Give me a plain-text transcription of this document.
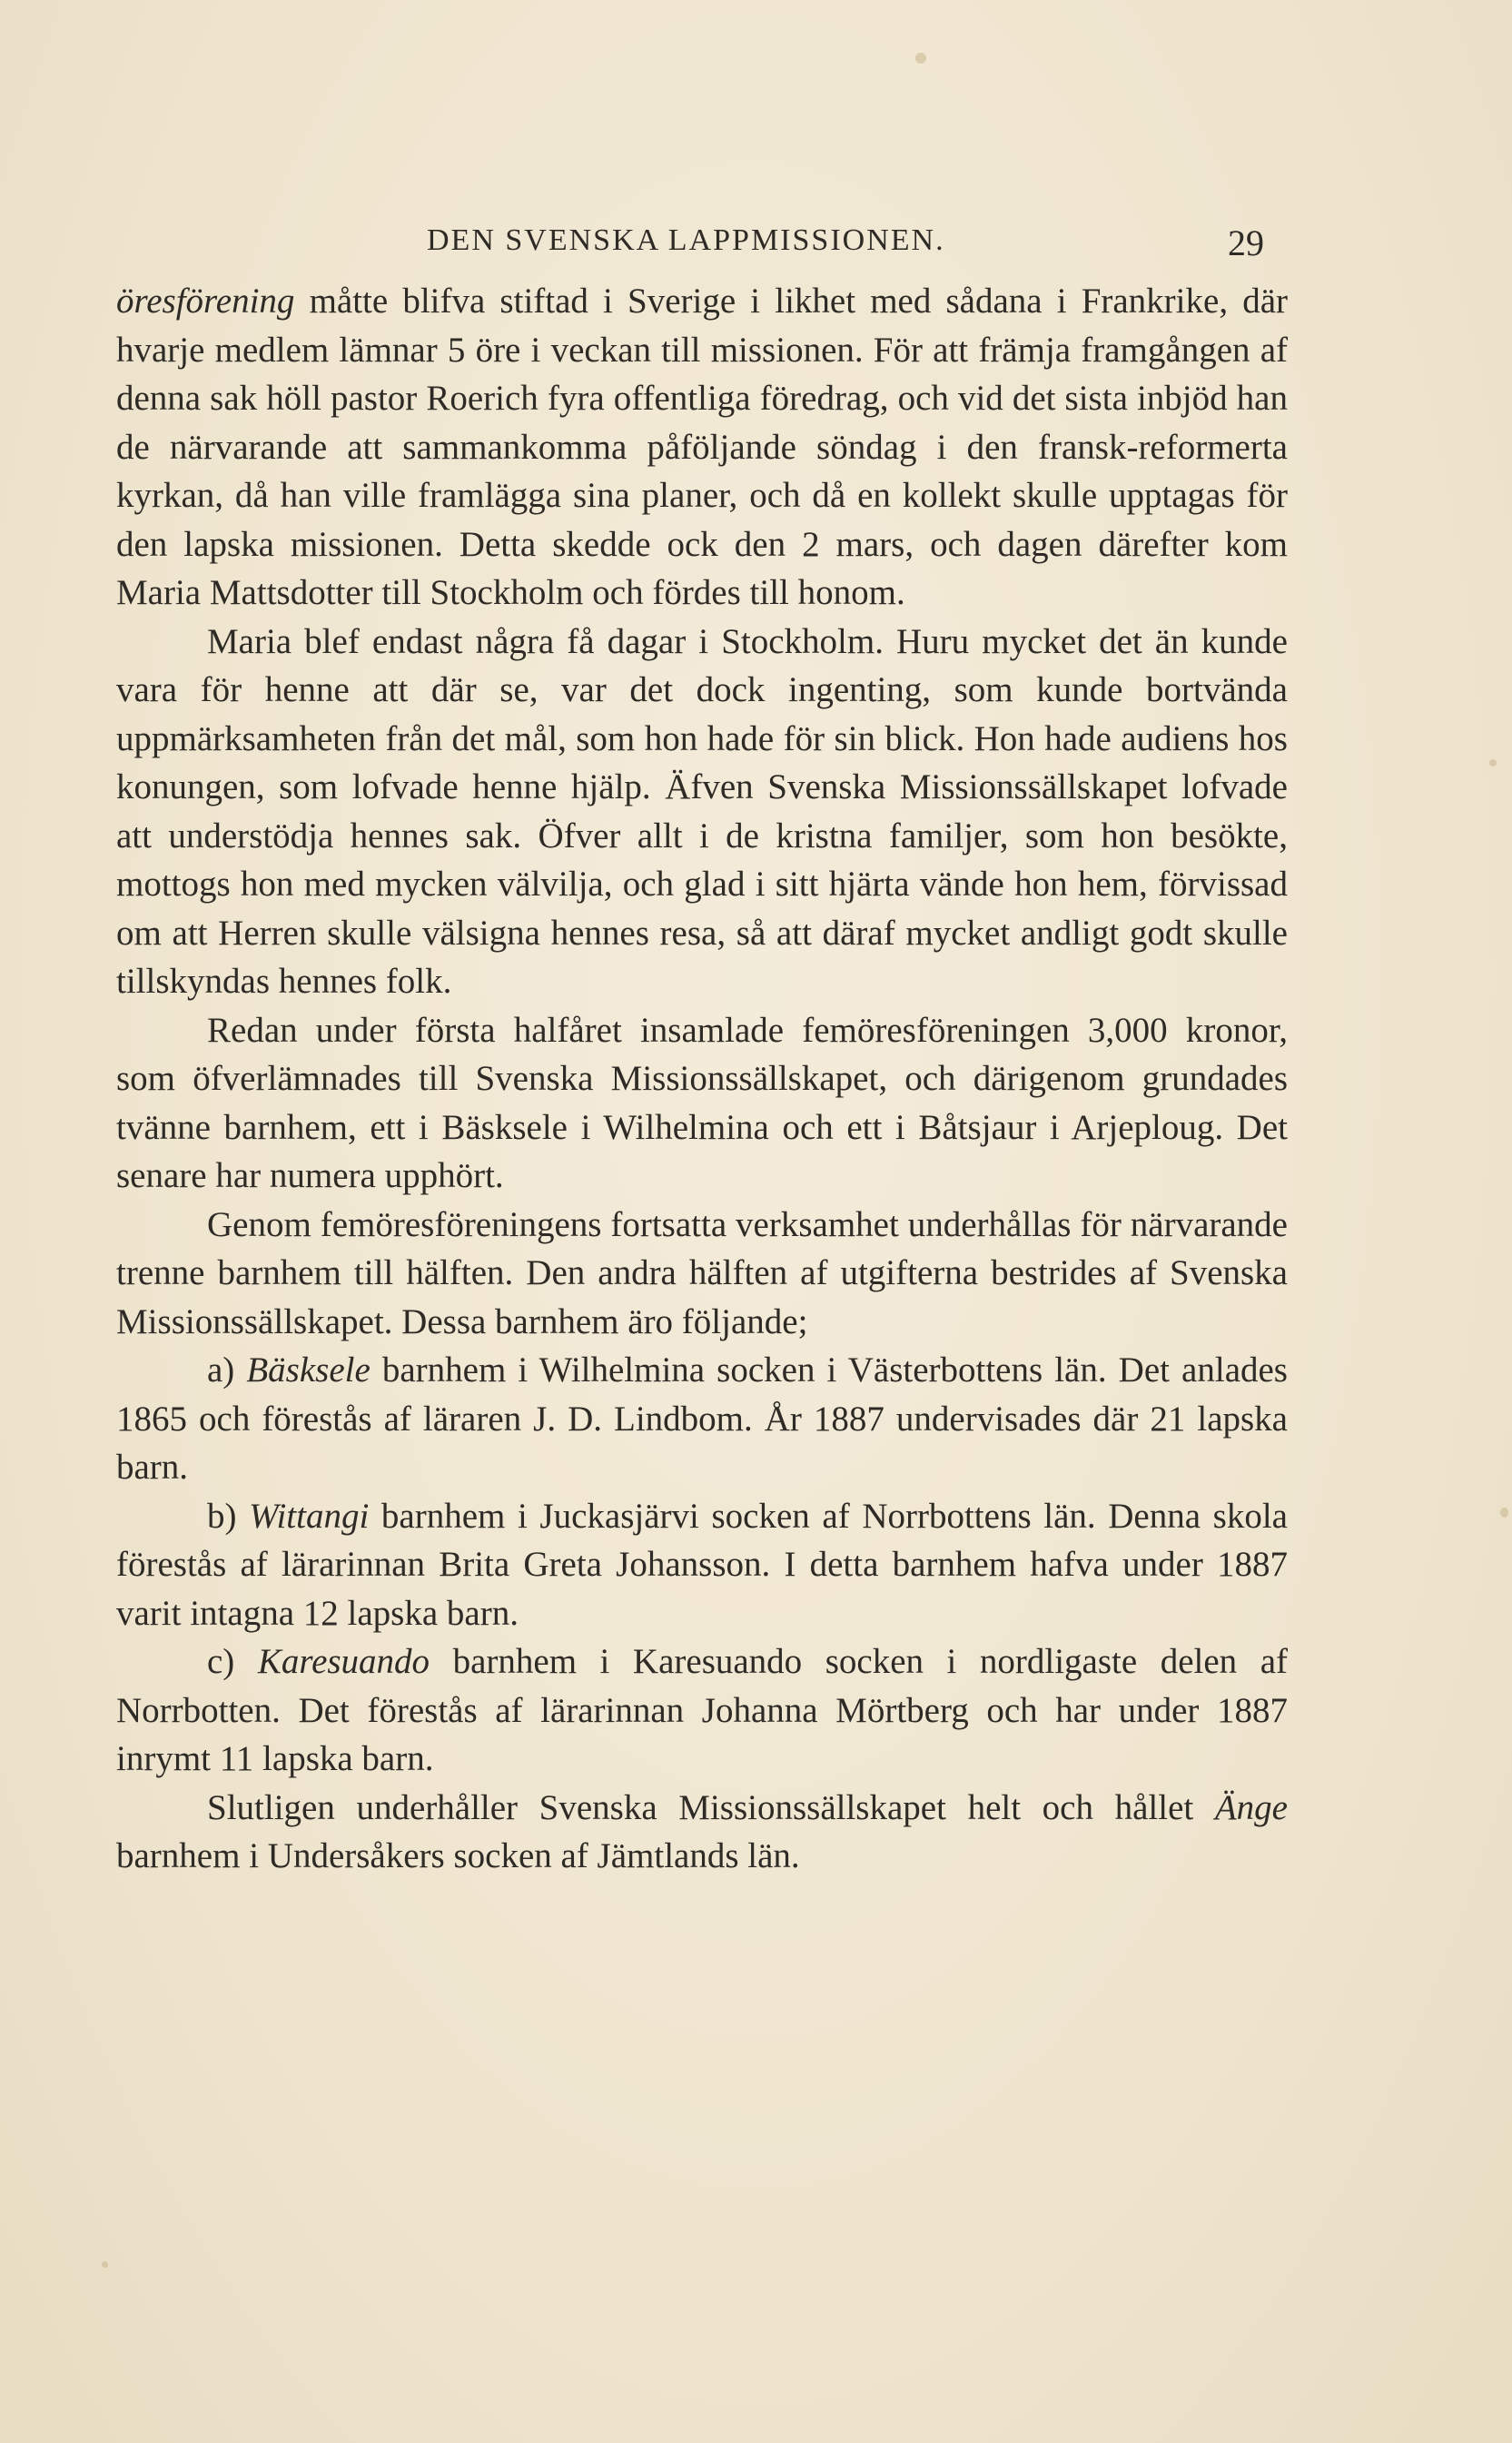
DEN SVENSKA LAPPMISSIONEN.	29

öresförening måtte blifva stiftad i Sverige i likhet med sådana i Frankrike, där hvarje medlem lämnar 5 öre i veckan till missionen. För att främja framgången af denna sak höll pastor Roerich fyra offentliga föredrag, och vid det sista inbjöd han de närvarande att sammankomma påföljande söndag i den fransk-reformerta kyrkan, då han ville framlägga sina planer, och då en kollekt skulle upptagas för den lapska missionen. Detta skedde ock den 2 mars, och dagen därefter kom Maria Mattsdotter till Stockholm och fördes till honom.

Maria blef endast några få dagar i Stockholm. Huru mycket det än kunde vara för henne att där se, var det dock ingenting, som kunde bortvända uppmärksamheten från det mål, som hon hade för sin blick. Hon hade audiens hos konungen, som lofvade henne hjälp. Äfven Svenska Missionssällskapet lofvade att understödja hennes sak. Öfver allt i de kristna familjer, som hon besökte, mottogs hon med mycken välvilja, och glad i sitt hjärta vände hon hem, förvissad om att Herren skulle välsigna hennes resa, så att däraf mycket andligt godt skulle tillskyndas hennes folk.

Redan under första halfåret insamlade femöresföreningen 3,000 kronor, som öfverlämnades till Svenska Missionssällskapet, och därigenom grundades tvänne barnhem, ett i Bäsksele i Wilhelmina och ett i Båtsjaur i Arjeploug. Det senare har numera upphört.

Genom femöresföreningens fortsatta verksamhet underhållas för närvarande trenne barnhem till hälften. Den andra hälften af utgifterna bestrides af Svenska Missionssällskapet. Dessa barnhem äro följande;

a) Bäsksele barnhem i Wilhelmina socken i Västerbottens län. Det anlades 1865 och förestås af läraren J. D. Lindbom. År 1887 undervisades där 21 lapska barn.

b) Wittangi barnhem i Juckasjärvi socken af Norrbottens län. Denna skola förestås af lärarinnan Brita Greta Johansson. I detta barnhem hafva under 1887 varit intagna 12 lapska barn.

c) Karesuando barnhem i Karesuando socken i nordligaste delen af Norrbotten. Det förestås af lärarinnan Johanna Mörtberg och har under 1887 inrymt 11 lapska barn.

Slutligen underhåller Svenska Missionssällskapet helt och hållet Änge barnhem i Undersåkers socken af Jämtlands län.
